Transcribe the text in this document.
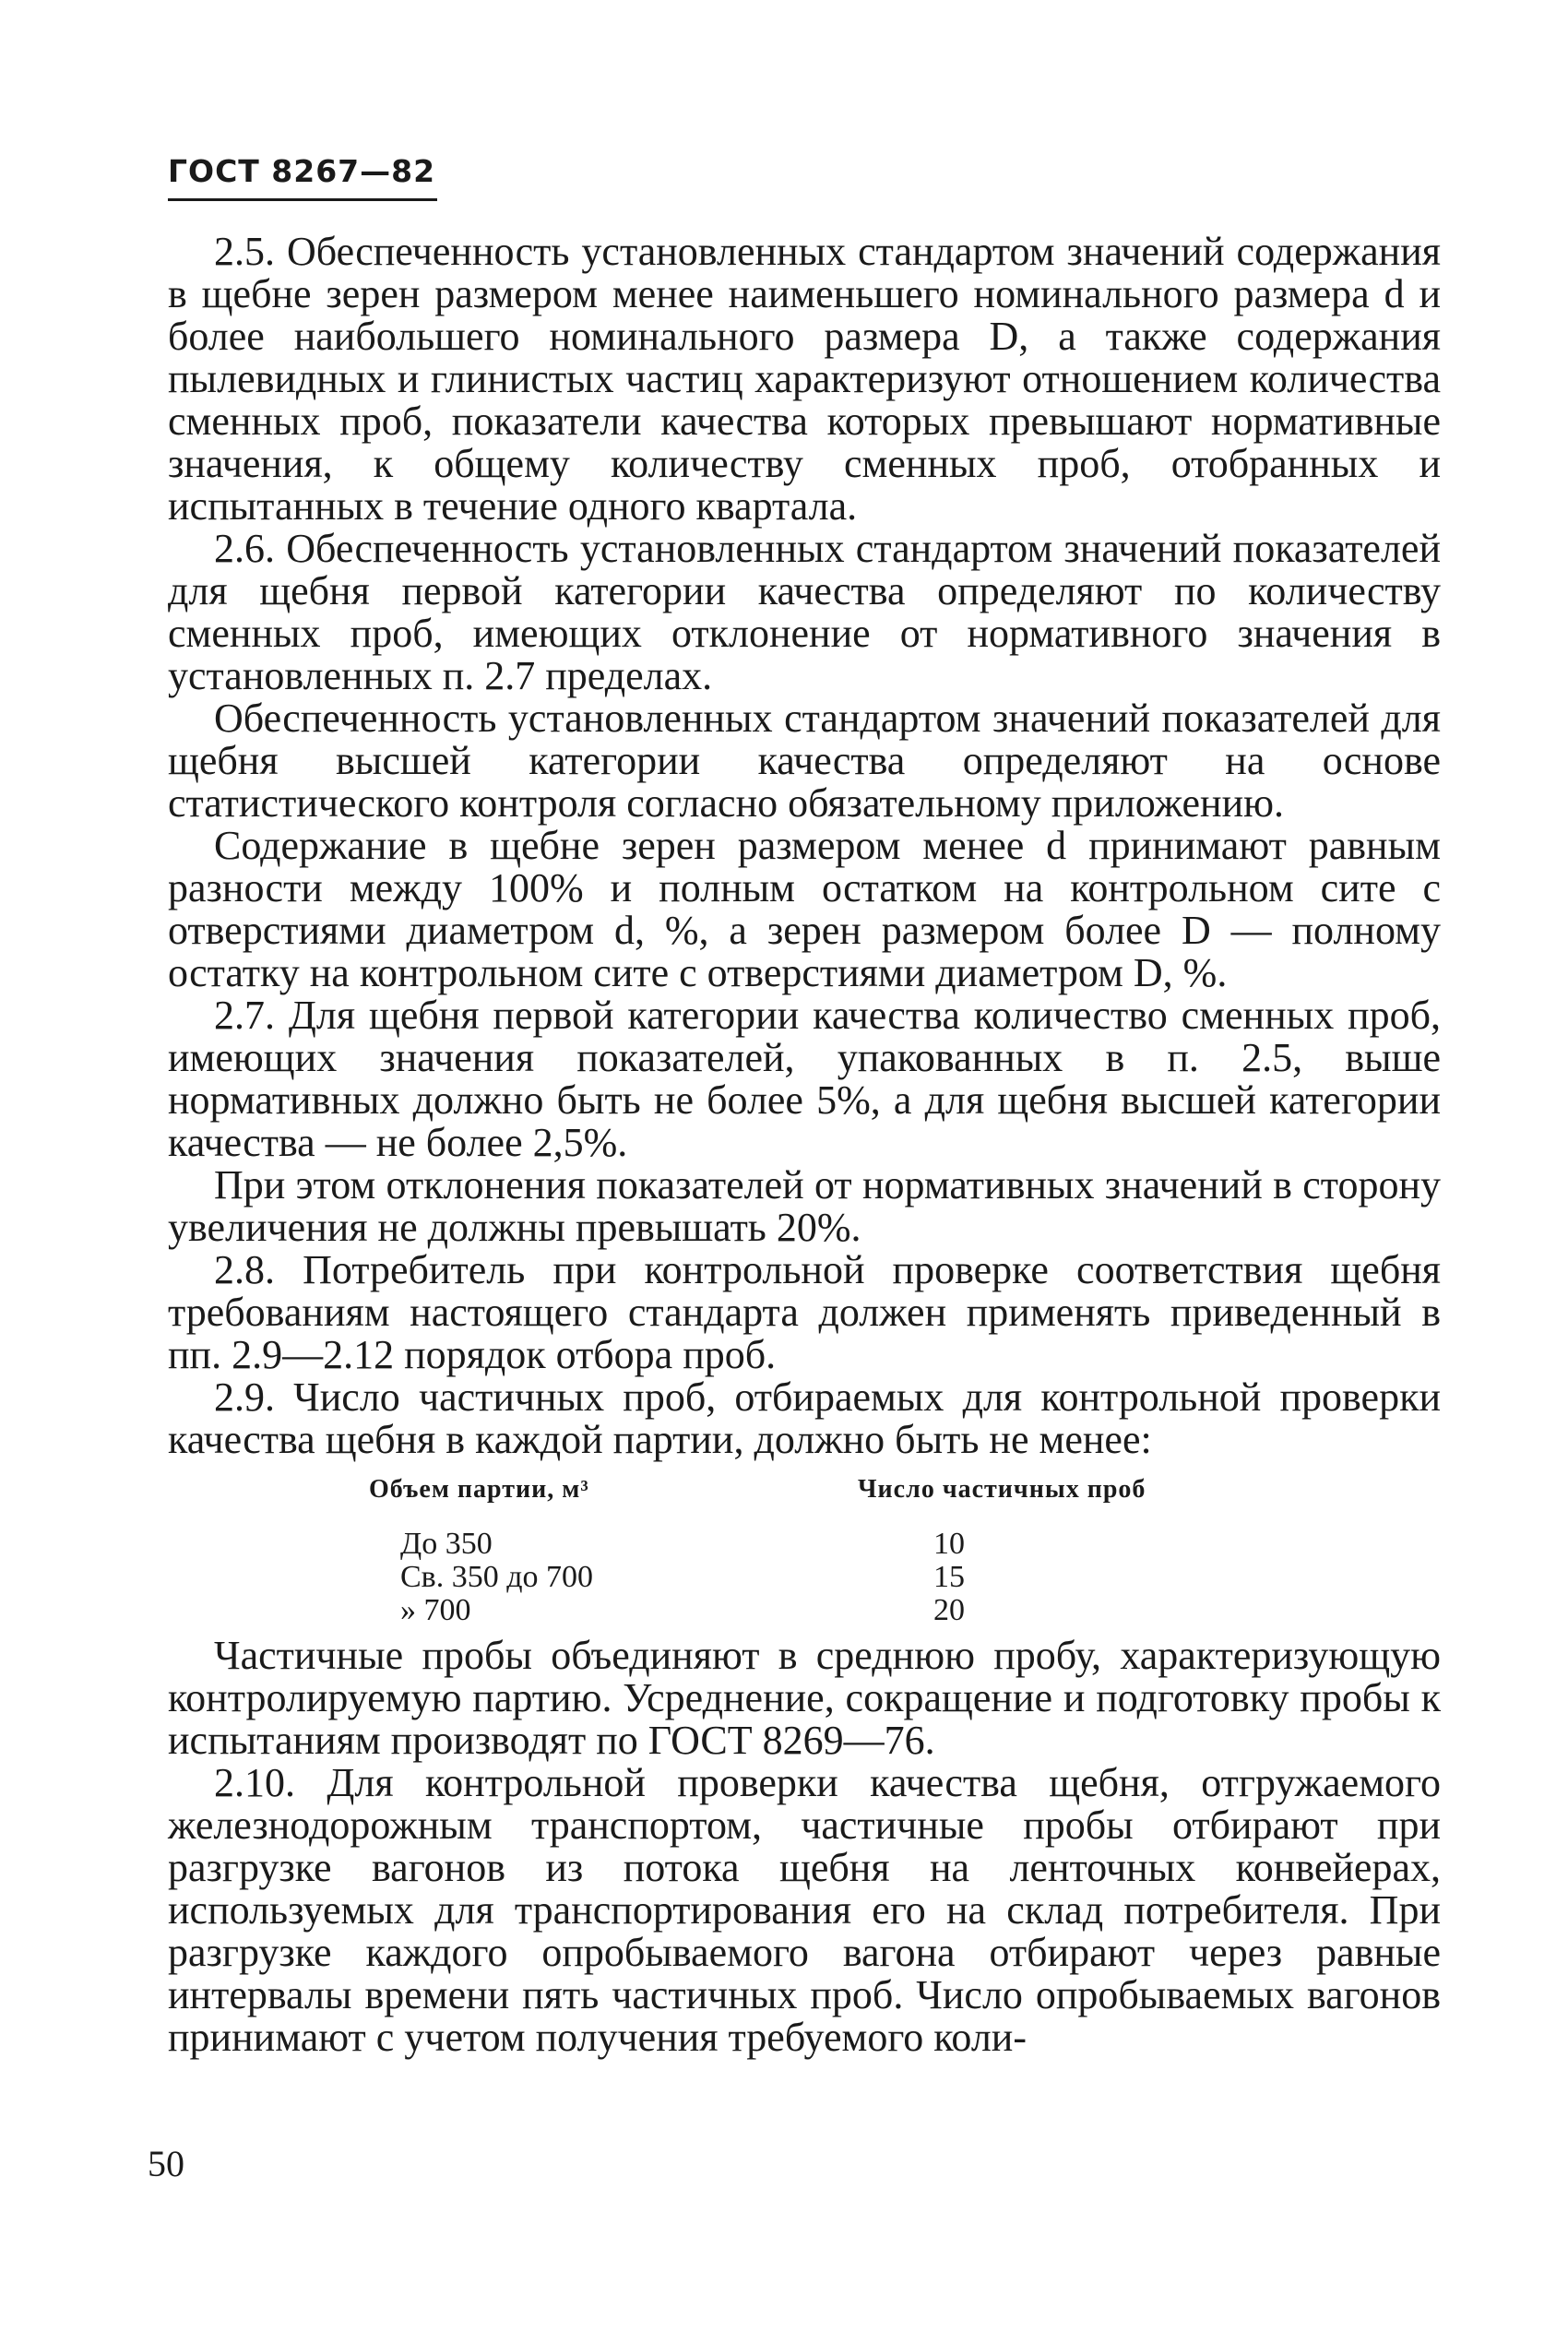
ГОСТ 8267—82

2.5. Обеспеченность установленных стандартом значений содержания в щебне зерен размером менее наименьшего номинального размера d и более наибольшего номинального размера D, а также содержания пылевидных и глинистых частиц характеризуют отношением количества сменных проб, показатели качества которых превышают нормативные значения, к общему количеству сменных проб, отобранных и испытанных в течение одного квартала.

2.6. Обеспеченность установленных стандартом значений показателей для щебня первой категории качества определяют по количеству сменных проб, имеющих отклонение от нормативного значения в установленных п. 2.7 пределах.

Обеспеченность установленных стандартом значений показателей для щебня высшей категории качества определяют на основе статистического контроля согласно обязательному приложению.

Содержание в щебне зерен размером менее d принимают равным разности между 100% и полным остатком на контрольном сите с отверстиями диаметром d, %, а зерен размером более D — полному остатку на контрольном сите с отверстиями диаметром D, %.

2.7. Для щебня первой категории качества количество сменных проб, имеющих значения показателей, упакованных в п. 2.5, выше нормативных должно быть не более 5%, а для щебня высшей категории качества — не более 2,5%.

При этом отклонения показателей от нормативных значений в сторону увеличения не должны превышать 20%.

2.8. Потребитель при контрольной проверке соответствия щебня требованиям настоящего стандарта должен применять приведенный в пп. 2.9—2.12 порядок отбора проб.

2.9. Число частичных проб, отбираемых для контрольной проверки качества щебня в каждой партии, должно быть не менее:

Объем партии, м³	Число частичных проб
До 350	10
Св. 350 до 700	15
» 700	20

Частичные пробы объединяют в среднюю пробу, характеризующую контролируемую партию. Усреднение, сокращение и подготовку пробы к испытаниям производят по ГОСТ 8269—76.

2.10. Для контрольной проверки качества щебня, отгружаемого железнодорожным транспортом, частичные пробы отбирают при разгрузке вагонов из потока щебня на ленточных конвейерах, используемых для транспортирования его на склад потребителя. При разгрузке каждого опробываемого вагона отбирают через равные интервалы времени пять частичных проб. Число опробываемых вагонов принимают с учетом получения требуемого коли-

50
